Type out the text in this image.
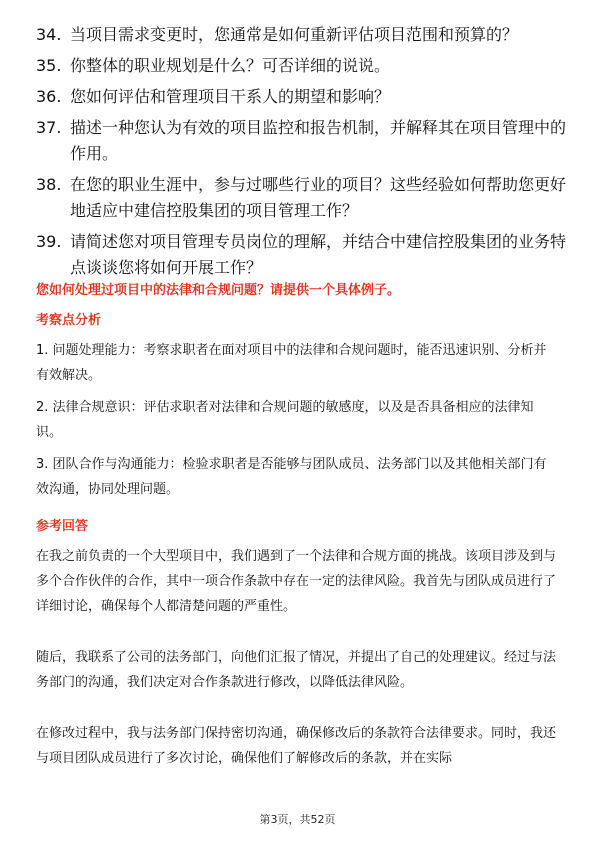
34. 当项目需求变更时，您通常是如何重新评估项目范围和预算的？
35. 你整体的职业规划是什么？可否详细的说说。
36. 您如何评估和管理项目干系人的期望和影响？
37. 描述一种您认为有效的项目监控和报告机制，并解释其在项目管理中的作用。
38. 在您的职业生涯中，参与过哪些行业的项目？这些经验如何帮助您更好地适应中建信控股集团的项目管理工作？
39. 请简述您对项目管理专员岗位的理解，并结合中建信控股集团的业务特点谈谈您将如何开展工作？

您如何处理过项目中的法律和合规问题？请提供一个具体例子。

考察点分析

1. 问题处理能力：考察求职者在面对项目中的法律和合规问题时，能否迅速识别、分析并有效解决。

2. 法律合规意识：评估求职者对法律和合规问题的敏感度，以及是否具备相应的法律知识。

3. 团队合作与沟通能力：检验求职者是否能够与团队成员、法务部门以及其他相关部门有效沟通，协同处理问题。

参考回答

在我之前负责的一个大型项目中，我们遇到了一个法律和合规方面的挑战。该项目涉及到与多个合作伙伴的合作，其中一项合作条款中存在一定的法律风险。我首先与团队成员进行了详细讨论，确保每个人都清楚问题的严重性。

随后，我联系了公司的法务部门，向他们汇报了情况，并提出了自己的处理建议。经过与法务部门的沟通，我们决定对合作条款进行修改，以降低法律风险。

在修改过程中，我与法务部门保持密切沟通，确保修改后的条款符合法律要求。同时，我还与项目团队成员进行了多次讨论，确保他们了解修改后的条款，并在实际

第3页，共52页
